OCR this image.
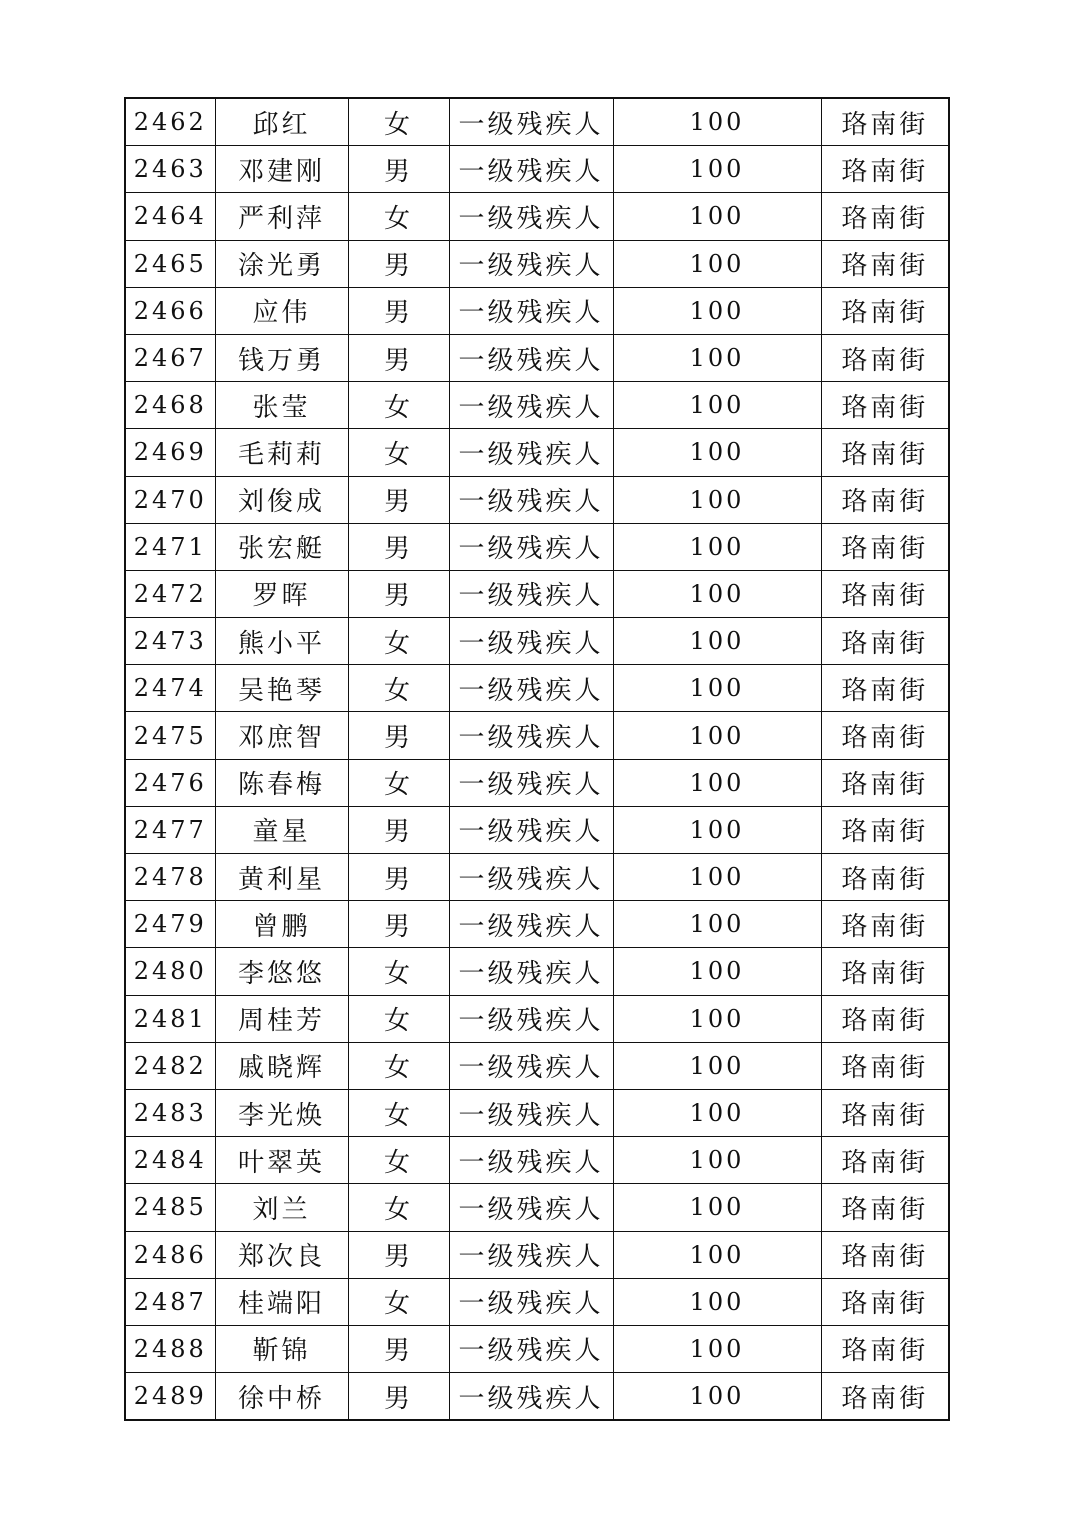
2462	邱红	女	一级残疾人	100	珞南街
2463	邓建刚	男	一级残疾人	100	珞南街
2464	严利萍	女	一级残疾人	100	珞南街
2465	涂光勇	男	一级残疾人	100	珞南街
2466	应伟	男	一级残疾人	100	珞南街
2467	钱万勇	男	一级残疾人	100	珞南街
2468	张莹	女	一级残疾人	100	珞南街
2469	毛莉莉	女	一级残疾人	100	珞南街
2470	刘俊成	男	一级残疾人	100	珞南街
2471	张宏艇	男	一级残疾人	100	珞南街
2472	罗晖	男	一级残疾人	100	珞南街
2473	熊小平	女	一级残疾人	100	珞南街
2474	吴艳琴	女	一级残疾人	100	珞南街
2475	邓庶智	男	一级残疾人	100	珞南街
2476	陈春梅	女	一级残疾人	100	珞南街
2477	童星	男	一级残疾人	100	珞南街
2478	黄利星	男	一级残疾人	100	珞南街
2479	曾鹏	男	一级残疾人	100	珞南街
2480	李悠悠	女	一级残疾人	100	珞南街
2481	周桂芳	女	一级残疾人	100	珞南街
2482	戚晓辉	女	一级残疾人	100	珞南街
2483	李光焕	女	一级残疾人	100	珞南街
2484	叶翠英	女	一级残疾人	100	珞南街
2485	刘兰	女	一级残疾人	100	珞南街
2486	郑次良	男	一级残疾人	100	珞南街
2487	桂端阳	女	一级残疾人	100	珞南街
2488	靳锦	男	一级残疾人	100	珞南街
2489	徐中桥	男	一级残疾人	100	珞南街
